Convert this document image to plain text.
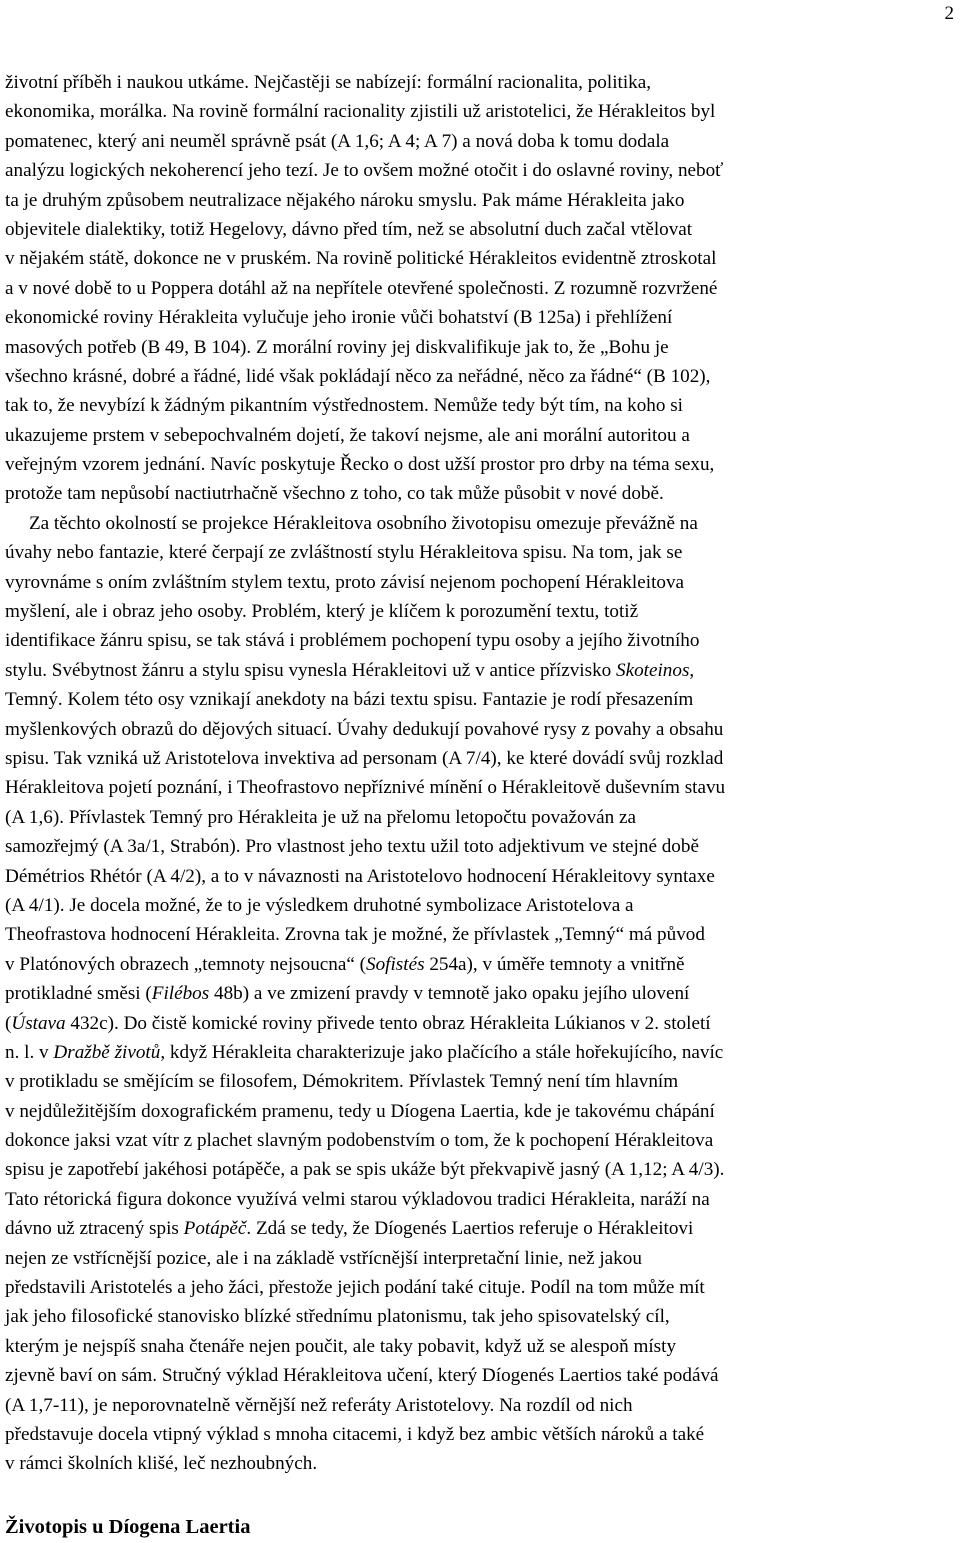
2
životní příběh i naukou utkáme. Nejčastěji se nabízejí: formální racionalita, politika,
ekonomika, morálka. Na rovině formální racionality zjistili už aristotelici, že Hérakleitos byl
pomatenec, který ani neuměl správně psát (A 1,6; A 4; A 7) a nová doba k tomu dodala
analýzu logických nekoherencí jeho tezí. Je to ovšem možné otočit i do oslavné roviny, neboť
ta je druhým způsobem neutralizace nějakého nároku smyslu. Pak máme Hérakleita jako
objevitele dialektiky, totiž Hegelovy, dávno před tím, než se absolutní duch začal vtělovat
v nějakém státě, dokonce ne v pruském. Na rovině politické Hérakleitos evidentně ztroskotal
a v nové době to u Poppera dotáhl až na nepřítele otevřené společnosti. Z rozumně rozvržené
ekonomické roviny Hérakleita vylučuje jeho ironie vůči bohatství (B 125a) i přehlížení
masových potřeb (B 49, B 104). Z morální roviny jej diskvalifikuje jak to, že „Bohu je
všechno krásné, dobré a řádné, lidé však pokládají něco za neřádné, něco za řádné“ (B 102),
tak to, že nevybízí k žádným pikantním výstřednostem. Nemůže tedy být tím, na koho si
ukazujeme prstem v sebepochvalném dojetí, že takoví nejsme, ale ani morální autoritou a
veřejným vzorem jednání. Navíc poskytuje Řecko o dost užší prostor pro drby na téma sexu,
protože tam nepůsobí nactiutrhačně všechno z toho, co tak může působit v nové době.
Za těchto okolností se projekce Hérakleitova osobního životopisu omezuje převážně na
úvahy nebo fantazie, které čerpají ze zvláštností stylu Hérakleitova spisu. Na tom, jak se
vyrovnáme s oním zvláštním stylem textu, proto závisí nejenom pochopení Hérakleitova
myšlení, ale i obraz jeho osoby. Problém, který je klíčem k porozumění textu, totiž
identifikace žánru spisu, se tak stává i problémem pochopení typu osoby a jejího životního
stylu. Svébytnost žánru a stylu spisu vynesla Hérakleitovi už v antice přízvisko Skoteinos,
Temný. Kolem této osy vznikají anekdoty na bázi textu spisu. Fantazie je rodí přesazením
myšlenkových obrazů do dějových situací. Úvahy dedukují povahové rysy z povahy a obsahu
spisu. Tak vzniká už Aristotelova invektiva ad personam (A 7/4), ke které dovádí svůj rozklad
Hérakleitova pojetí poznání, i Theofrastovo nepříznivé mínění o Hérakleitově duševním stavu
(A 1,6). Přívlastek Temný pro Hérakleita je už na přelomu letopočtu považován za
samozřejmý (A 3a/1, Strabón). Pro vlastnost jeho textu užil toto adjektivum ve stejné době
Démétrios Rhétór (A 4/2), a to v návaznosti na Aristotelovo hodnocení Hérakleitovy syntaxe
(A 4/1). Je docela možné, že to je výsledkem druhotné symbolizace Aristotelova a
Theofrastova hodnocení Hérakleita. Zrovna tak je možné, že přívlastek „Temný“ má původ
v Platónových obrazech „temnoty nejsoucna“ (Sofistés 254a), v úměře temnoty a vnitřně
protikladné směsi (Filébos 48b) a ve zmizení pravdy v temnotě jako opaku jejího ulovení
(Ústava 432c). Do čistě komické roviny přivede tento obraz Hérakleita Lúkianos v 2. století
n. l. v Dražbě životů, když Hérakleita charakterizuje jako plačícího a stále hořekujícího, navíc
v protikladu se smějícím se filosofem, Démokritem. Přívlastek Temný není tím hlavním
v nejdůležitějším doxografickém pramenu, tedy u Díogena Laertia, kde je takovému chápání
dokonce jaksi vzat vítr z plachet slavným podobenstvím o tom, že k pochopení Hérakleitova
spisu je zapotřebí jakéhosi potápěče, a pak se spis ukáže být překvapivě jasný (A 1,12; A 4/3).
Tato rétorická figura dokonce využívá velmi starou výkladovou tradici Hérakleita, naráží na
dávno už ztracený spis Potápěč. Zdá se tedy, že Díogenés Laertios referuje o Hérakleitovi
nejen ze vstřícnější pozice, ale i na základě vstřícnější interpretační linie, než jakou
představili Aristotelés a jeho žáci, přestože jejich podání také cituje. Podíl na tom může mít
jak jeho filosofické stanovisko blízké střednímu platonismu, tak jeho spisovatelský cíl,
kterým je nejspíš snaha čtenáře nejen poučit, ale taky pobavit, když už se alespoň místy
zjevně baví on sám. Stručný výklad Hérakleitova učení, který Díogenés Laertios také podává
(A 1,7-11), je neporovnatelně věrnější než referáty Aristotelovy. Na rozdíl od nich
představuje docela vtipný výklad s mnoha citacemi, i když bez ambic větších nároků a také
v rámci školních klišé, leč nezhoubných.
Životopis u Díogena Laertia
